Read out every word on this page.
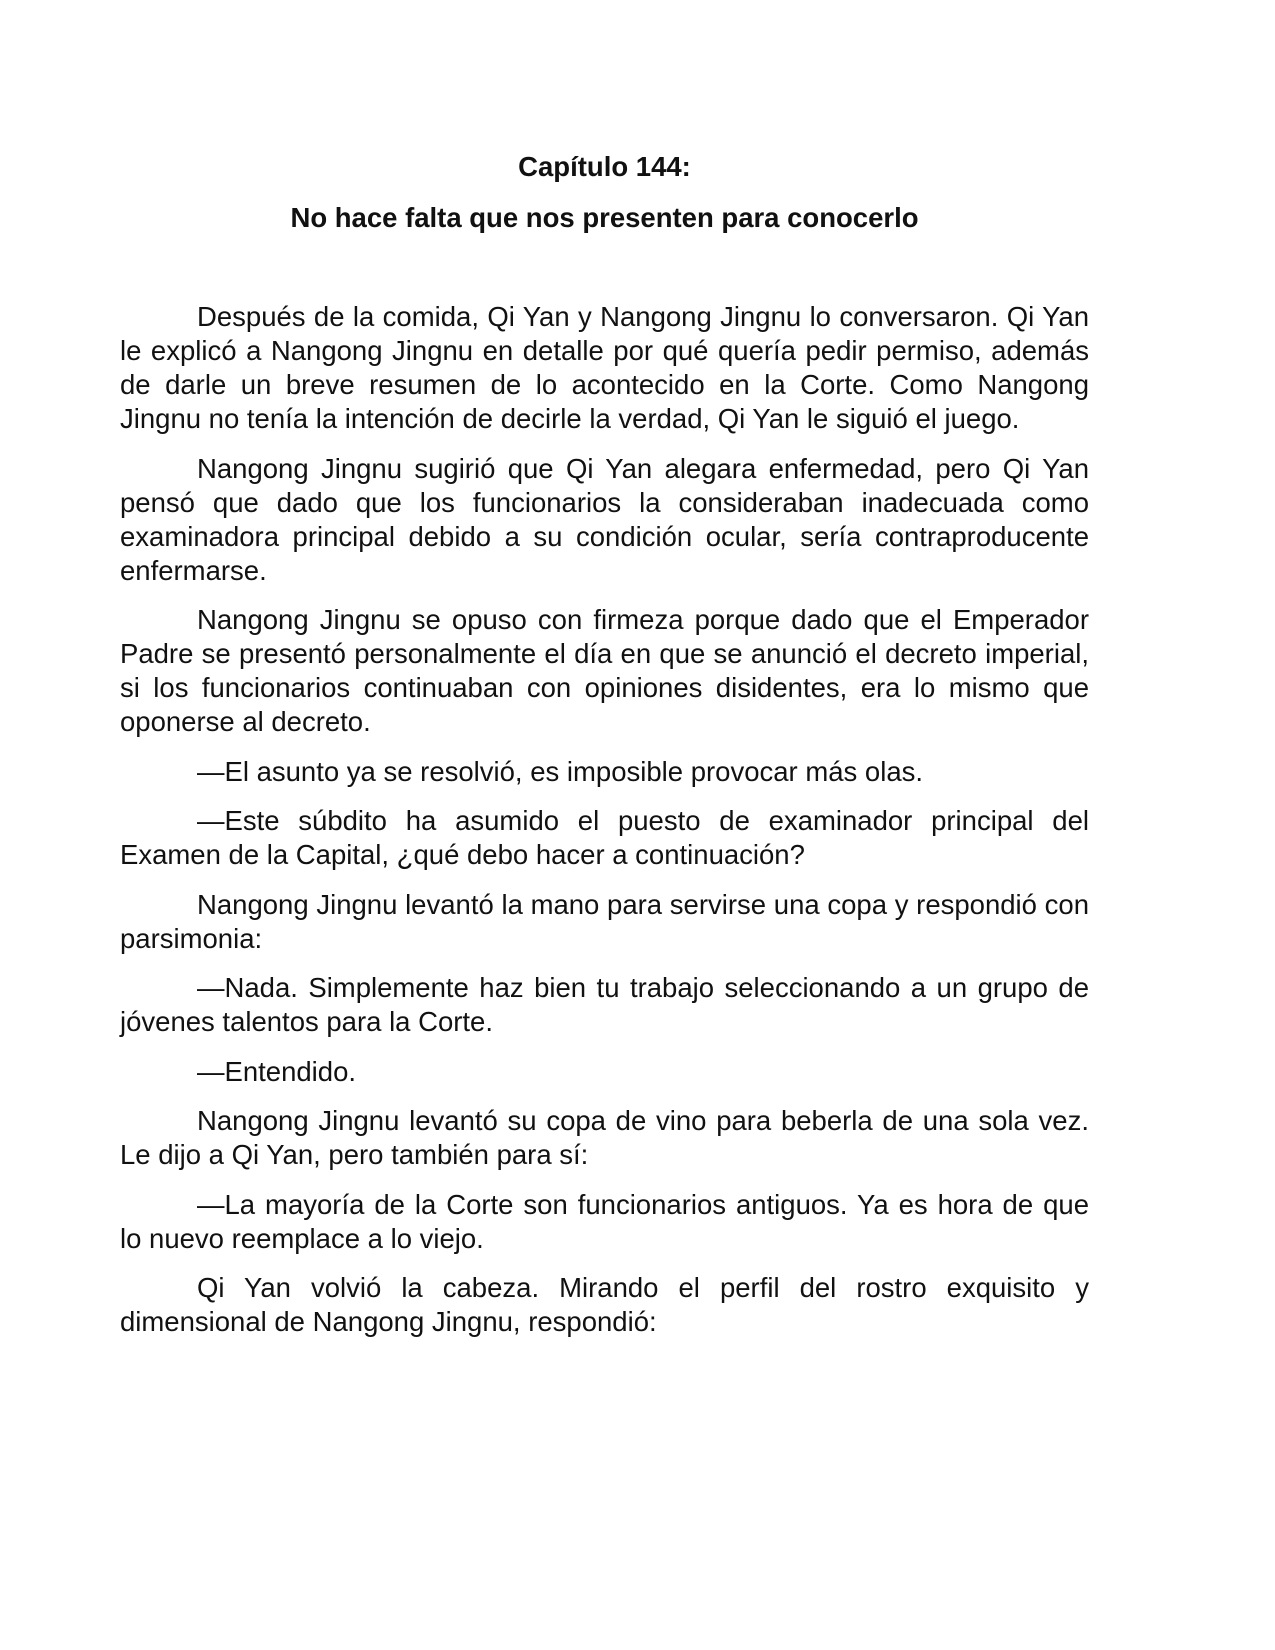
Capítulo 144:
No hace falta que nos presenten para conocerlo

Después de la comida, Qi Yan y Nangong Jingnu lo conversaron. Qi Yan le explicó a Nangong Jingnu en detalle por qué quería pedir permiso, además de darle un breve resumen de lo acontecido en la Corte. Como Nangong Jingnu no tenía la intención de decirle la verdad, Qi Yan le siguió el juego.

Nangong Jingnu sugirió que Qi Yan alegara enfermedad, pero Qi Yan pensó que dado que los funcionarios la consideraban inadecuada como examinadora principal debido a su condición ocular, sería contraproducente enfermarse.

Nangong Jingnu se opuso con firmeza porque dado que el Emperador Padre se presentó personalmente el día en que se anunció el decreto imperial, si los funcionarios continuaban con opiniones disidentes, era lo mismo que oponerse al decreto.

—El asunto ya se resolvió, es imposible provocar más olas.

—Este súbdito ha asumido el puesto de examinador principal del Examen de la Capital, ¿qué debo hacer a continuación?

Nangong Jingnu levantó la mano para servirse una copa y respondió con parsimonia:

—Nada. Simplemente haz bien tu trabajo seleccionando a un grupo de jóvenes talentos para la Corte.

—Entendido.

Nangong Jingnu levantó su copa de vino para beberla de una sola vez. Le dijo a Qi Yan, pero también para sí:

—La mayoría de la Corte son funcionarios antiguos. Ya es hora de que lo nuevo reemplace a lo viejo.

Qi Yan volvió la cabeza. Mirando el perfil del rostro exquisito y dimensional de Nangong Jingnu, respondió:
